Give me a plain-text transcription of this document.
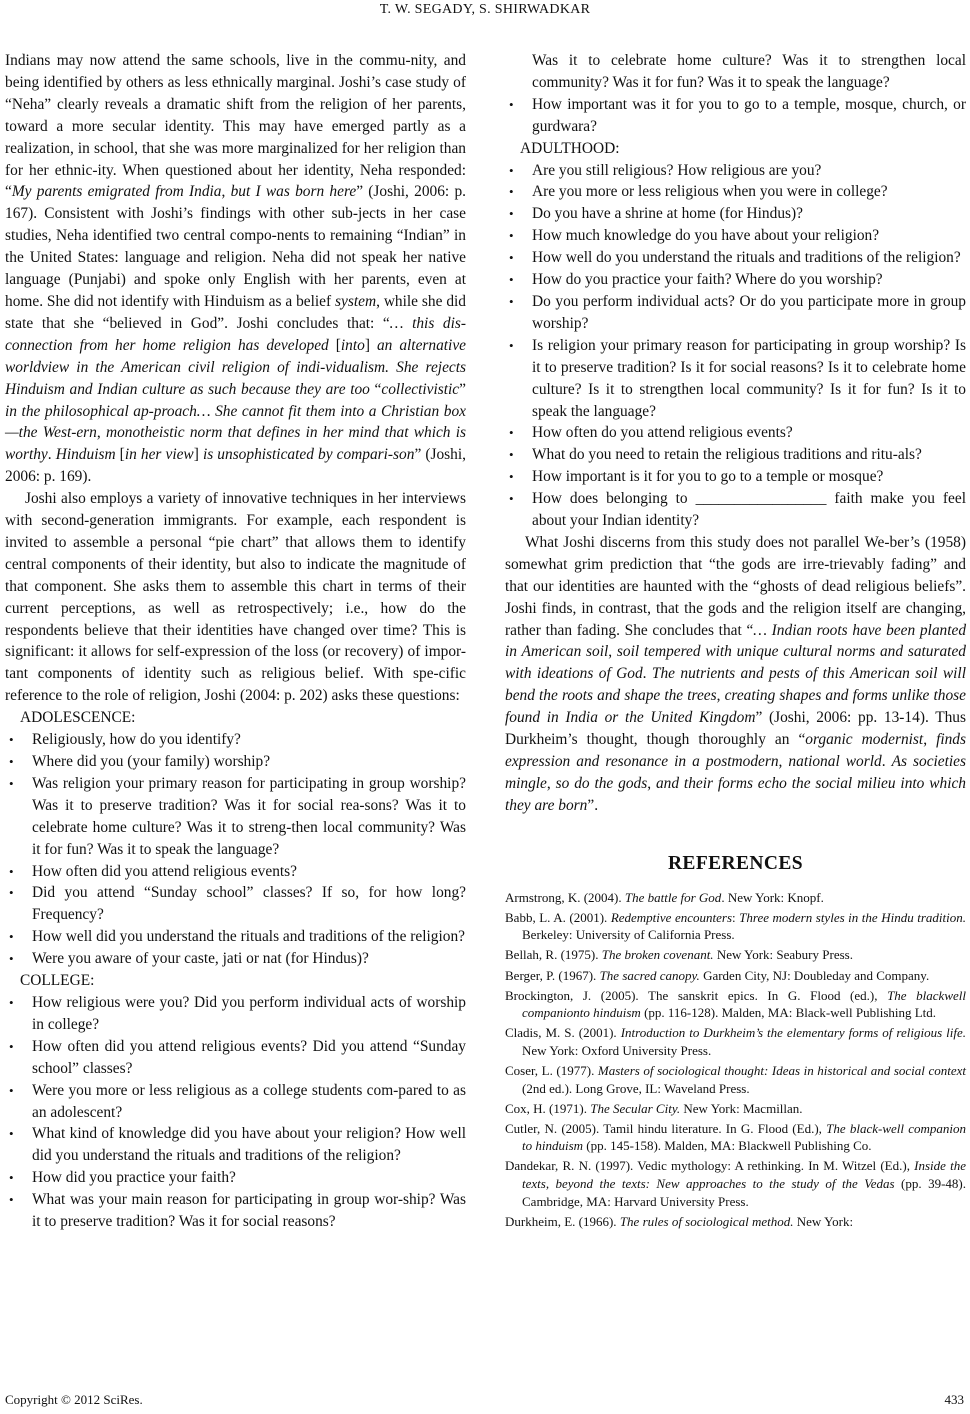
T. W. SEGADY, S. SHIRWADKAR

Indians may now attend the same schools, live in the commu-nity, and being identified by others as less ethnically marginal. Joshi’s case study of “Neha” clearly reveals a dramatic shift from the religion of her parents, toward a more secular identity. This may have emerged partly as a realization, in school, that she was more marginalized for her religion than for her ethnic-ity. When questioned about her identity, Neha responded: “My parents emigrated from India, but I was born here” (Joshi, 2006: p. 167). Consistent with Joshi’s findings with other sub-jects in her case studies, Neha identified two central compo-nents to remaining “Indian” in the United States: language and religion. Neha did not speak her native language (Punjabi) and spoke only English with her parents, even at home. She did not identify with Hinduism as a belief system, while she did state that she “believed in God”. Joshi concludes that: “… this dis-connection from her home religion has developed [into] an alternative worldview in the American civil religion of indi-vidualism. She rejects Hinduism and Indian culture as such because they are too “collectivistic” in the philosophical ap-proach… She cannot fit them into a Christian box—the West-ern, monotheistic norm that defines in her mind that which is worthy. Hinduism [in her view] is unsophisticated by compari-son” (Joshi, 2006: p. 169).

Joshi also employs a variety of innovative techniques in her interviews with second-generation immigrants. For example, each respondent is invited to assemble a personal “pie chart” that allows them to identify central components of their identity, but also to indicate the magnitude of that component. She asks them to assemble this chart in terms of their current perceptions, as well as retrospectively; i.e., how do the respondents believe that their identities have changed over time? This is significant: it allows for self-expression of the loss (or recovery) of impor-tant components of identity such as religious belief. With spe-cific reference to the role of religion, Joshi (2004: p. 202) asks these questions:

ADOLESCENCE:

• Religiously, how do you identify?
• Where did you (your family) worship?
• Was religion your primary reason for participating in group worship? Was it to preserve tradition? Was it for social rea-sons? Was it to celebrate home culture? Was it to streng-then local community? Was it for fun? Was it to speak the language?
• How often did you attend religious events?
• Did you attend “Sunday school” classes? If so, for how long? Frequency?
• How well did you understand the rituals and traditions of the religion?
• Were you aware of your caste, jati or nat (for Hindus)?

COLLEGE:

• How religious were you? Did you perform individual acts of worship in college?
• How often did you attend religious events? Did you attend “Sunday school” classes?
• Were you more or less religious as a college students com-pared to as an adolescent?
• What kind of knowledge did you have about your religion? How well did you understand the rituals and traditions of the religion?
• How did you practice your faith?
• What was your main reason for participating in group wor-ship? Was it to preserve tradition? Was it for social reasons?

Was it to celebrate home culture? Was it to strengthen local community? Was it for fun? Was it to speak the language?

• How important was it for you to go to a temple, mosque, church, or gurdwara?

ADULTHOOD:

• Are you still religious? How religious are you?
• Are you more or less religious when you were in college?
• Do you have a shrine at home (for Hindus)?
• How much knowledge do you have about your religion?
• How well do you understand the rituals and traditions of the religion?
• How do you practice your faith? Where do you worship?
• Do you perform individual acts? Or do you participate more in group worship?
• Is religion your primary reason for participating in group worship? Is it to preserve tradition? Is it for social reasons? Is it to celebrate home culture? Is it to strengthen local community? Is it for fun? Is it to speak the language?
• How often do you attend religious events?
• What do you need to retain the religious traditions and ritu-als?
• How important is it for you to go to a temple or mosque?
• How does belonging to _________________ faith make you feel about your Indian identity?

What Joshi discerns from this study does not parallel We-ber’s (1958) somewhat grim prediction that “the gods are irre-trievably fading” and that our identities are haunted with the “ghosts of dead religious beliefs”. Joshi finds, in contrast, that the gods and the religion itself are changing, rather than fading. She concludes that “… Indian roots have been planted in American soil, soil tempered with unique cultural norms and saturated with ideations of God. The nutrients and pests of this American soil will bend the roots and shape the trees, creating shapes and forms unlike those found in India or the United Kingdom” (Joshi, 2006: pp. 13-14). Thus Durkheim’s thought, though thoroughly an “organic modernist, finds expression and resonance in a postmodern, national world. As societies mingle, so do the gods, and their forms echo the social milieu into which they are born”.

REFERENCES

Armstrong, K. (2004). The battle for God. New York: Knopf.

Babb, L. A. (2001). Redemptive encounters: Three modern styles in the Hindu tradition. Berkeley: University of California Press.

Bellah, R. (1975). The broken covenant. New York: Seabury Press.

Berger, P. (1967). The sacred canopy. Garden City, NJ: Doubleday and Company.

Brockington, J. (2005). The sanskrit epics. In G. Flood (ed.), The blackwell companionto hinduism (pp. 116-128). Malden, MA: Black-well Publishing Ltd.

Cladis, M. S. (2001). Introduction to Durkheim’s the elementary forms of religious life. New York: Oxford University Press.

Coser, L. (1977). Masters of sociological thought: Ideas in historical and social context (2nd ed.). Long Grove, IL: Waveland Press.

Cox, H. (1971). The Secular City. New York: Macmillan.

Cutler, N. (2005). Tamil hindu literature. In G. Flood (Ed.), The black-well companion to hinduism (pp. 145-158). Malden, MA: Blackwell Publishing Co.

Dandekar, R. N. (1997). Vedic mythology: A rethinking. In M. Witzel (Ed.), Inside the texts, beyond the texts: New approaches to the study of the Vedas (pp. 39-48). Cambridge, MA: Harvard University Press.

Durkheim, E. (1966). The rules of sociological method. New York:

Copyright © 2012 SciRes.	433
